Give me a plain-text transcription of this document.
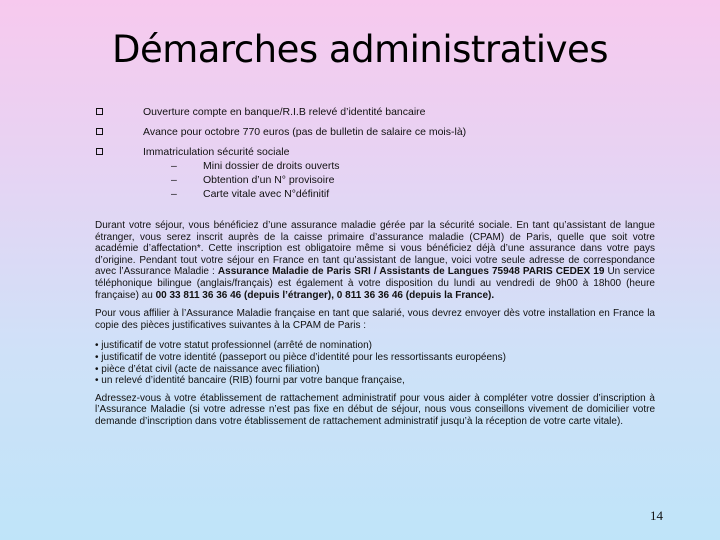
Démarches administratives
Ouverture compte en banque/R.I.B relevé d’identité bancaire
Avance pour octobre 770 euros (pas de bulletin de salaire ce mois-là)
Immatriculation sécurité sociale
– Mini dossier de droits ouverts
– Obtention d’un N° provisoire
– Carte vitale avec N°définitif

Durant votre séjour, vous bénéficiez d’une assurance maladie gérée par la sécurité sociale. En tant qu’assistant de langue étranger, vous serez inscrit auprès de la caisse primaire d’assurance maladie (CPAM) de Paris, quelle que soit votre académie d’affectation*. Cette inscription est obligatoire même si vous bénéficiez déjà d’une assurance dans votre pays d’origine. Pendant tout votre séjour en France en tant qu’assistant de langue, voici votre seule adresse de correspondance avec l’Assurance Maladie : Assurance Maladie de Paris SRI / Assistants de Langues 75948 PARIS CEDEX 19 Un service téléphonique bilingue (anglais/français) est également à votre disposition du lundi au vendredi de 9h00 à 18h00 (heure française) au 00 33 811 36 36 46 (depuis l’étranger), 0 811 36 36 46 (depuis la France).

Pour vous affilier à l’Assurance Maladie française en tant que salarié, vous devrez envoyer dès votre installation en France la copie des pièces justificatives suivantes à la CPAM de Paris :

• justificatif de votre statut professionnel (arrêté de nomination)

• justificatif de votre identité (passeport ou pièce d’identité pour les ressortissants européens)

• pièce d’état civil (acte de naissance avec filiation)

• un relevé d’identité bancaire (RIB) fourni par votre banque française,

Adressez-vous à votre établissement de rattachement administratif pour vous aider à compléter votre dossier d’inscription à l’Assurance Maladie (si votre adresse n’est pas fixe en début de séjour, nous vous conseillons vivement de domicilier votre demande d’inscription dans votre établissement de rattachement administratif jusqu’à la réception de votre carte vitale).

14
